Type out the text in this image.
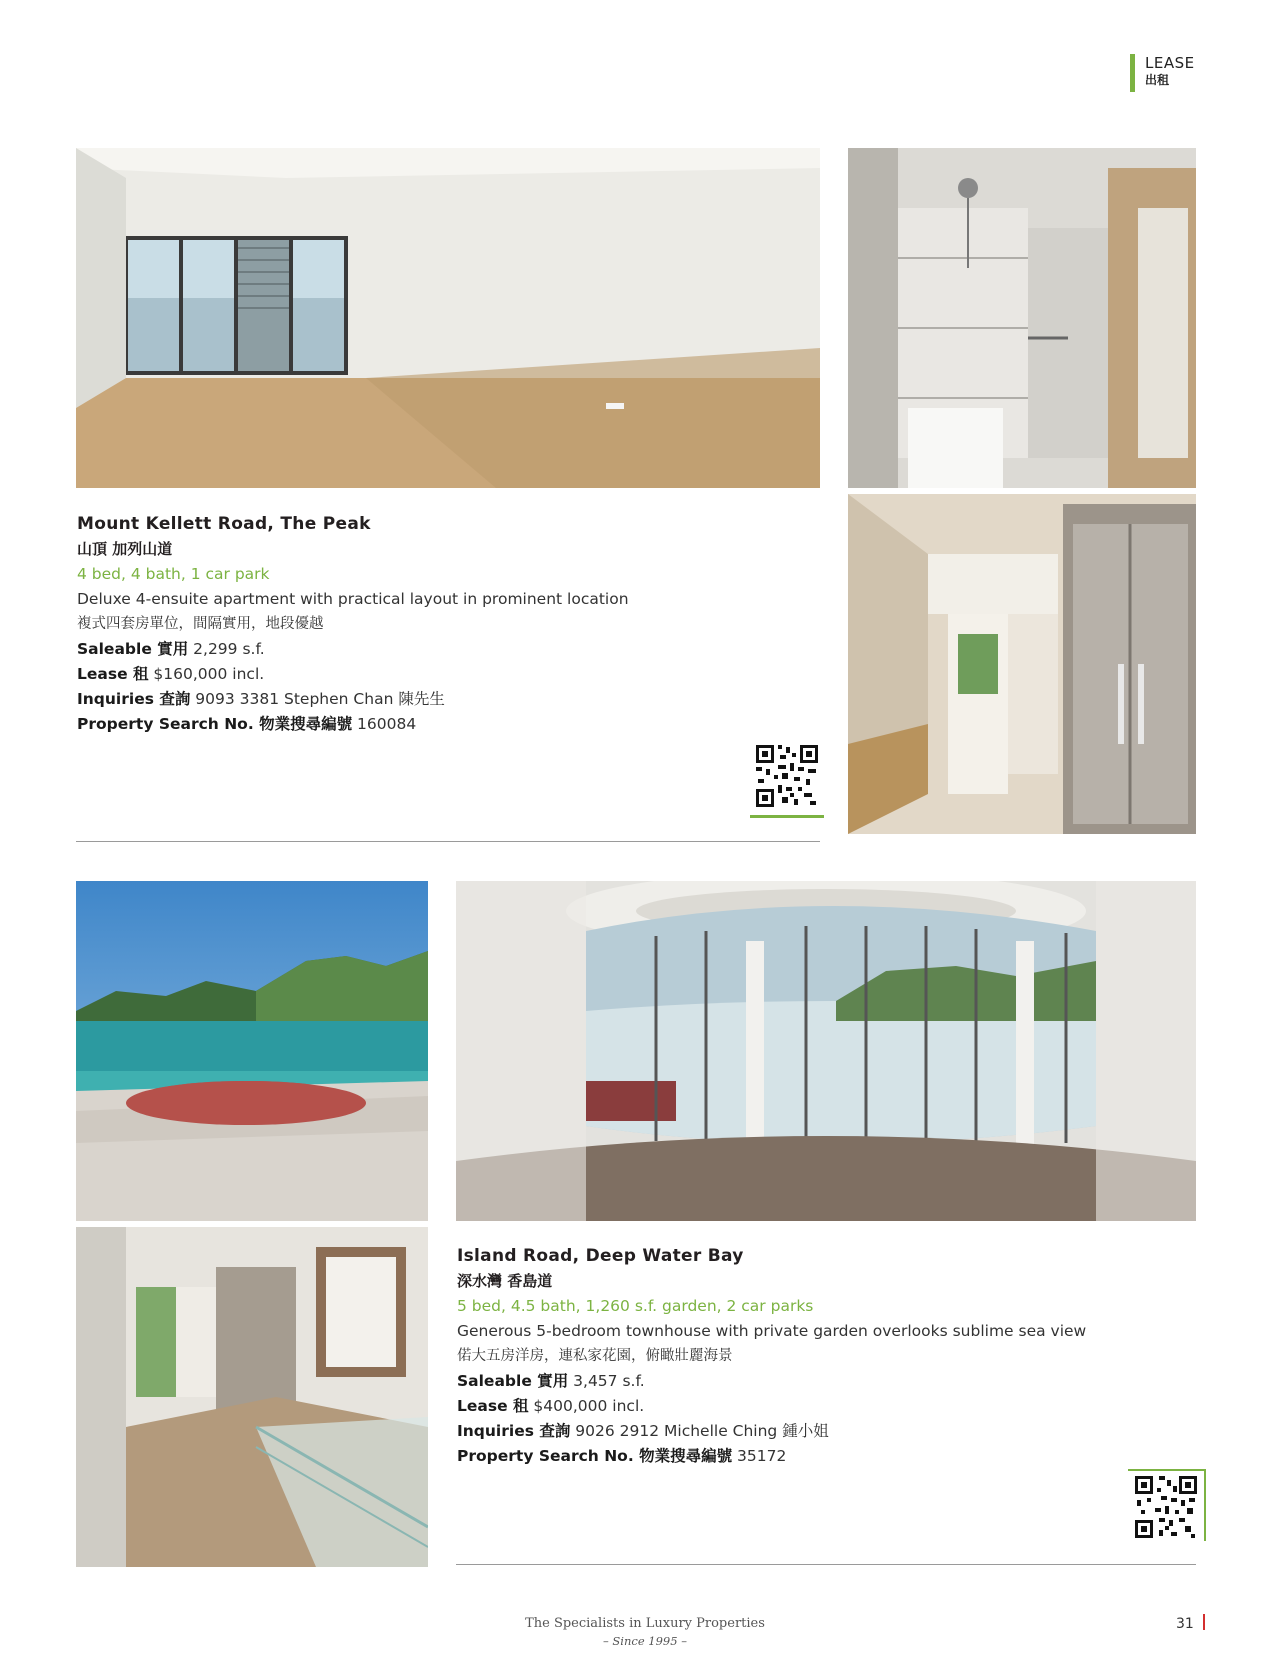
LEASE
出租
Mount Kellett Road, The Peak
山頂 加列山道
4 bed, 4 bath, 1 car park
Deluxe 4-ensuite apartment with practical layout in prominent location
複式四套房單位，間隔實用，地段優越
Saleable 實用 2,299 s.f.
Lease 租 $160,000 incl.
Inquiries 查詢 9093 3381 Stephen Chan 陳先生
Property Search No. 物業搜尋編號 160084
Island Road, Deep Water Bay
深水灣 香島道
5 bed, 4.5 bath, 1,260 s.f. garden, 2 car parks
Generous 5-bedroom townhouse with private garden overlooks sublime sea view
偌大五房洋房，連私家花園，俯瞰壯麗海景
Saleable 實用 3,457 s.f.
Lease 租 $400,000 incl.
Inquiries 查詢 9026 2912 Michelle Ching 鍾小姐
Property Search No. 物業搜尋編號 35172
The Specialists in Luxury Properties
– Since 1995 –
31
